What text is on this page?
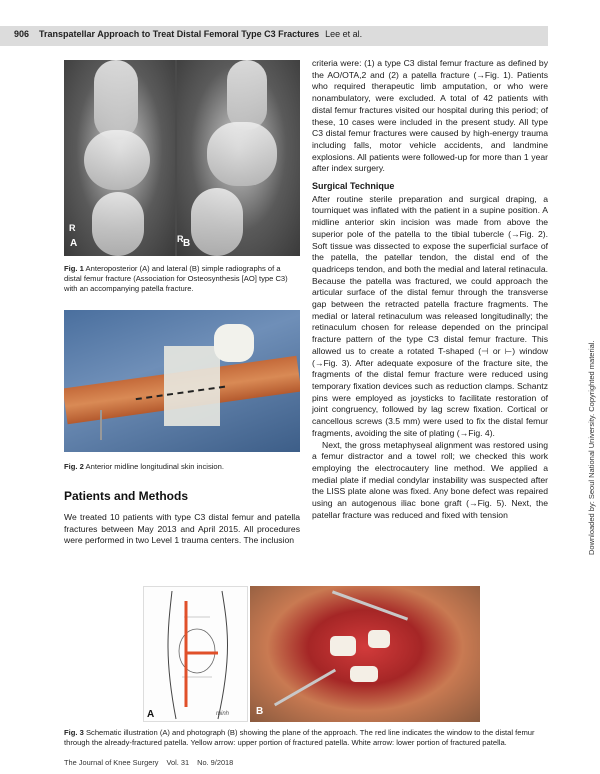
906 Transpatellar Approach to Treat Distal Femoral Type C3 Fractures Lee et al.
Downloaded by: Seoul National University. Copyrighted material.
R
A	R B
Fig. 1 Anteroposterior (A) and lateral (B) simple radiographs of a distal femur fracture (Association for Osteosynthesis [AO] type C3) with an accompanying patella fracture.
Fig. 2 Anterior midline longitudinal skin incision.
Patients and Methods

We treated 10 patients with type C3 distal femur and patella fractures between May 2013 and April 2015. All procedures were performed in two Level 1 trauma centers. The inclusion

criteria were: (1) a type C3 distal femur fracture as defined by the AO/OTA,2 and (2) a patella fracture (→Fig. 1). Patients who required therapeutic limb amputation, or who were nonambulatory, were excluded. A total of 42 patients with distal femur fractures visited our hospital during this period; of these, 10 cases were included in the present study. All type C3 distal femur fractures were caused by high-energy trauma including falls, motor vehicle accidents, and landmine explosions. All patients were followed-up for more than 1 year after index surgery.

Surgical Technique

After routine sterile preparation and surgical draping, a tourniquet was inflated with the patient in a supine position. A midline anterior skin incision was made from above the superior pole of the patella to the tibial tubercle (→Fig. 2). Soft tissue was dissected to expose the superficial surface of the patella, the patellar tendon, the distal end of the quadriceps tendon, and both the medial and lateral retinacula. Because the patella was fractured, we could approach the articular surface of the distal femur through the transverse gap between the retracted patella fracture fragments. The medial or lateral retinaculum was released longitudinally; the retinaculum chosen for release depended on the principal fracture pattern of the type C3 distal femur fracture. This allowed us to create a rotated T-shaped (⊣ or ⊢) window (→Fig. 3). After adequate exposure of the fracture site, the fragments of the distal femur fracture were reduced using temporary fixation devices such as reduction clamps. Schantz pins were employed as joysticks to facilitate restoration of joint congruency, followed by lag screw fixation. Cortical or cancellous screws (3.5 mm) were used to fix the distal femur fragments, avoiding the site of plating (→Fig. 4).

Next, the gross metaphyseal alignment was restored using a femur distractor and a towel roll; we checked this work employing the electrocautery line method. We applied a medial plate if medial condylar instability was suspected after the LISS plate alone was fixed. Any bone defect was repaired using an autogenous iliac bone graft (→Fig. 5). Next, the patellar fracture was reduced and fixed with tension

A	minh	B
Fig. 3 Schematic illustration (A) and photograph (B) showing the plane of the approach. The red line indicates the window to the distal femur through the already-fractured patella. Yellow arrow: upper portion of fractured patella. White arrow: lower portion of fractured patella.
The Journal of Knee Surgery Vol. 31 No. 9/2018
